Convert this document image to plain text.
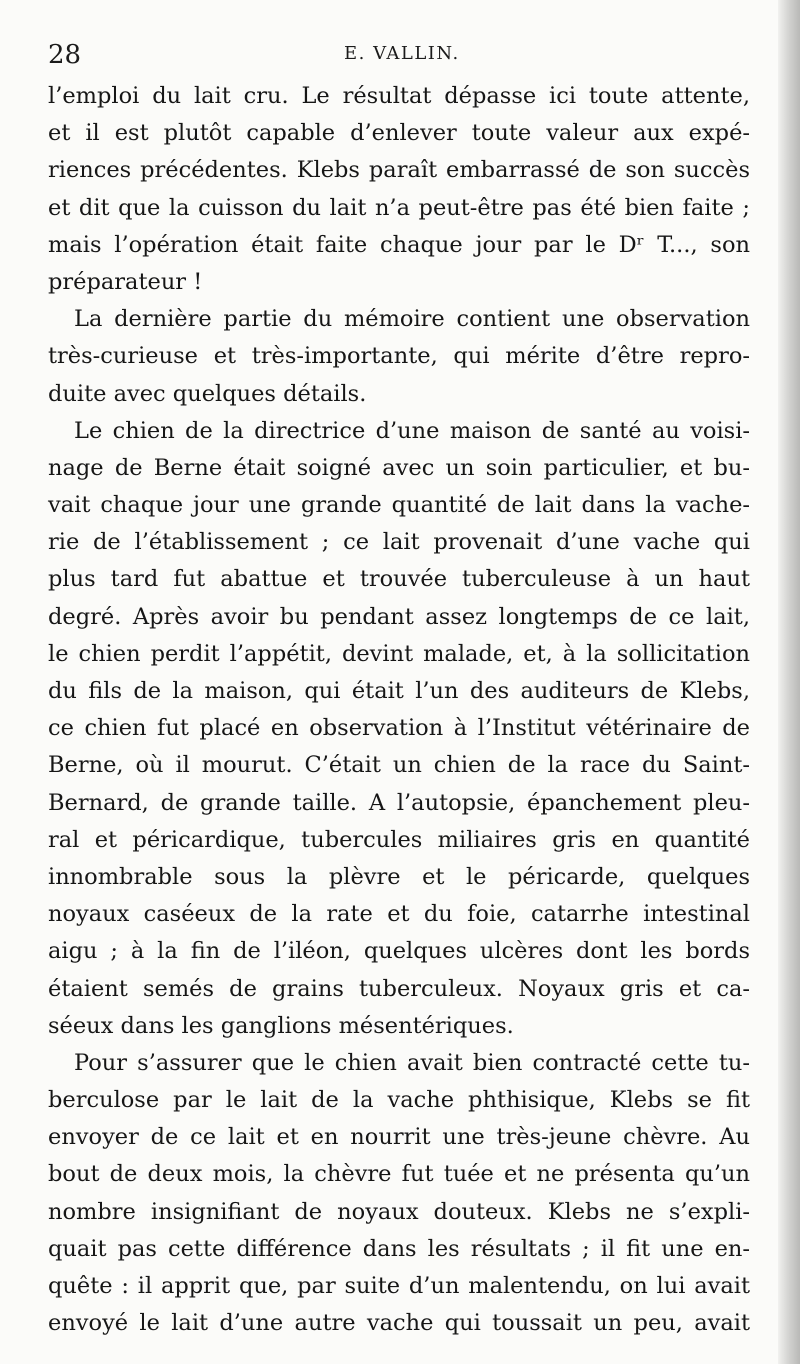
28	E. VALLIN.
l’emploi du lait cru. Le résultat dépasse ici toute attente,
et il est plutôt capable d’enlever toute valeur aux expé-
riences précédentes. Klebs paraît embarrassé de son succès
et dit que la cuisson du lait n’a peut-être pas été bien faite ;
mais l’opération était faite chaque jour par le Dʳ T..., son
préparateur !
La dernière partie du mémoire contient une observation
très-curieuse et très-importante, qui mérite d’être repro-
duite avec quelques détails.
Le chien de la directrice d’une maison de santé au voisi-
nage de Berne était soigné avec un soin particulier, et bu-
vait chaque jour une grande quantité de lait dans la vache-
rie de l’établissement ; ce lait provenait d’une vache qui
plus tard fut abattue et trouvée tuberculeuse à un haut
degré. Après avoir bu pendant assez longtemps de ce lait,
le chien perdit l’appétit, devint malade, et, à la sollicitation
du fils de la maison, qui était l’un des auditeurs de Klebs,
ce chien fut placé en observation à l’Institut vétérinaire de
Berne, où il mourut. C’était un chien de la race du Saint-
Bernard, de grande taille. A l’autopsie, épanchement pleu-
ral et péricardique, tubercules miliaires gris en quantité
innombrable sous la plèvre et le péricarde, quelques
noyaux caséeux de la rate et du foie, catarrhe intestinal
aigu ; à la fin de l’iléon, quelques ulcères dont les bords
étaient semés de grains tuberculeux. Noyaux gris et ca-
séeux dans les ganglions mésentériques.
Pour s’assurer que le chien avait bien contracté cette tu-
berculose par le lait de la vache phthisique, Klebs se fit
envoyer de ce lait et en nourrit une très-jeune chèvre. Au
bout de deux mois, la chèvre fut tuée et ne présenta qu’un
nombre insignifiant de noyaux douteux. Klebs ne s’expli-
quait pas cette différence dans les résultats ; il fit une en-
quête : il apprit que, par suite d’un malentendu, on lui avait
envoyé le lait d’une autre vache qui toussait un peu, avait
